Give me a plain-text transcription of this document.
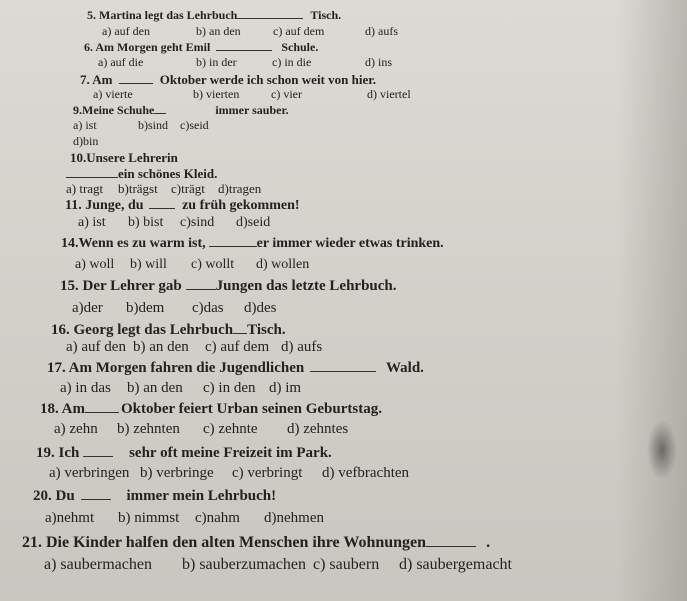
5. Martina legt das Lehrbuch	Tisch.
a) auf den	b) an den	c) auf dem	d) aufs
6. Am Morgen geht Emil	Schule.
a) auf die	b) in der	c) in die	d) ins
7. Am	Oktober werde ich schon weit von hier.
a) vierte	b) vierten	c) vier	d) viertel
9.Meine Schuhe	immer sauber.
a) ist	b)sind c)seid
d)bin
10.Unsere Lehrerin
ein schönes Kleid.
a) tragt b)trägst c)trägt d)tragen
11. Junge, du	zu früh gekommen!
a) ist b) bist c)sind d)seid
14.Wenn es zu warm ist,	er immer wieder etwas trinken.
a) woll b) will c) wollt d) wollen
15. Der Lehrer gab Jungen das letzte Lehrbuch.
a)der b)dem c)das d)des
16. Georg legt das Lehrbuch Tisch.
a) auf den b) an den c) auf dem d) aufs
17. Am Morgen fahren die Jugendlichen	Wald.
a) in das b) an den c) in den d) im
18. Am Oktober feiert Urban seinen Geburtstag.
a) zehn b) zehnten c) zehnte d) zehntes
19. Ich	sehr oft meine Freizeit im Park.
a) verbringen b) verbringe c) verbringt d) vefbrachten
20. Du	immer mein Lehrbuch!
a)nehmt b) nimmst c)nahm d)nehmen
21. Die Kinder halfen den alten Menschen ihre Wohnungen	.
a) saubermachen b) sauberzumachen c) saubern d) saubergemacht
